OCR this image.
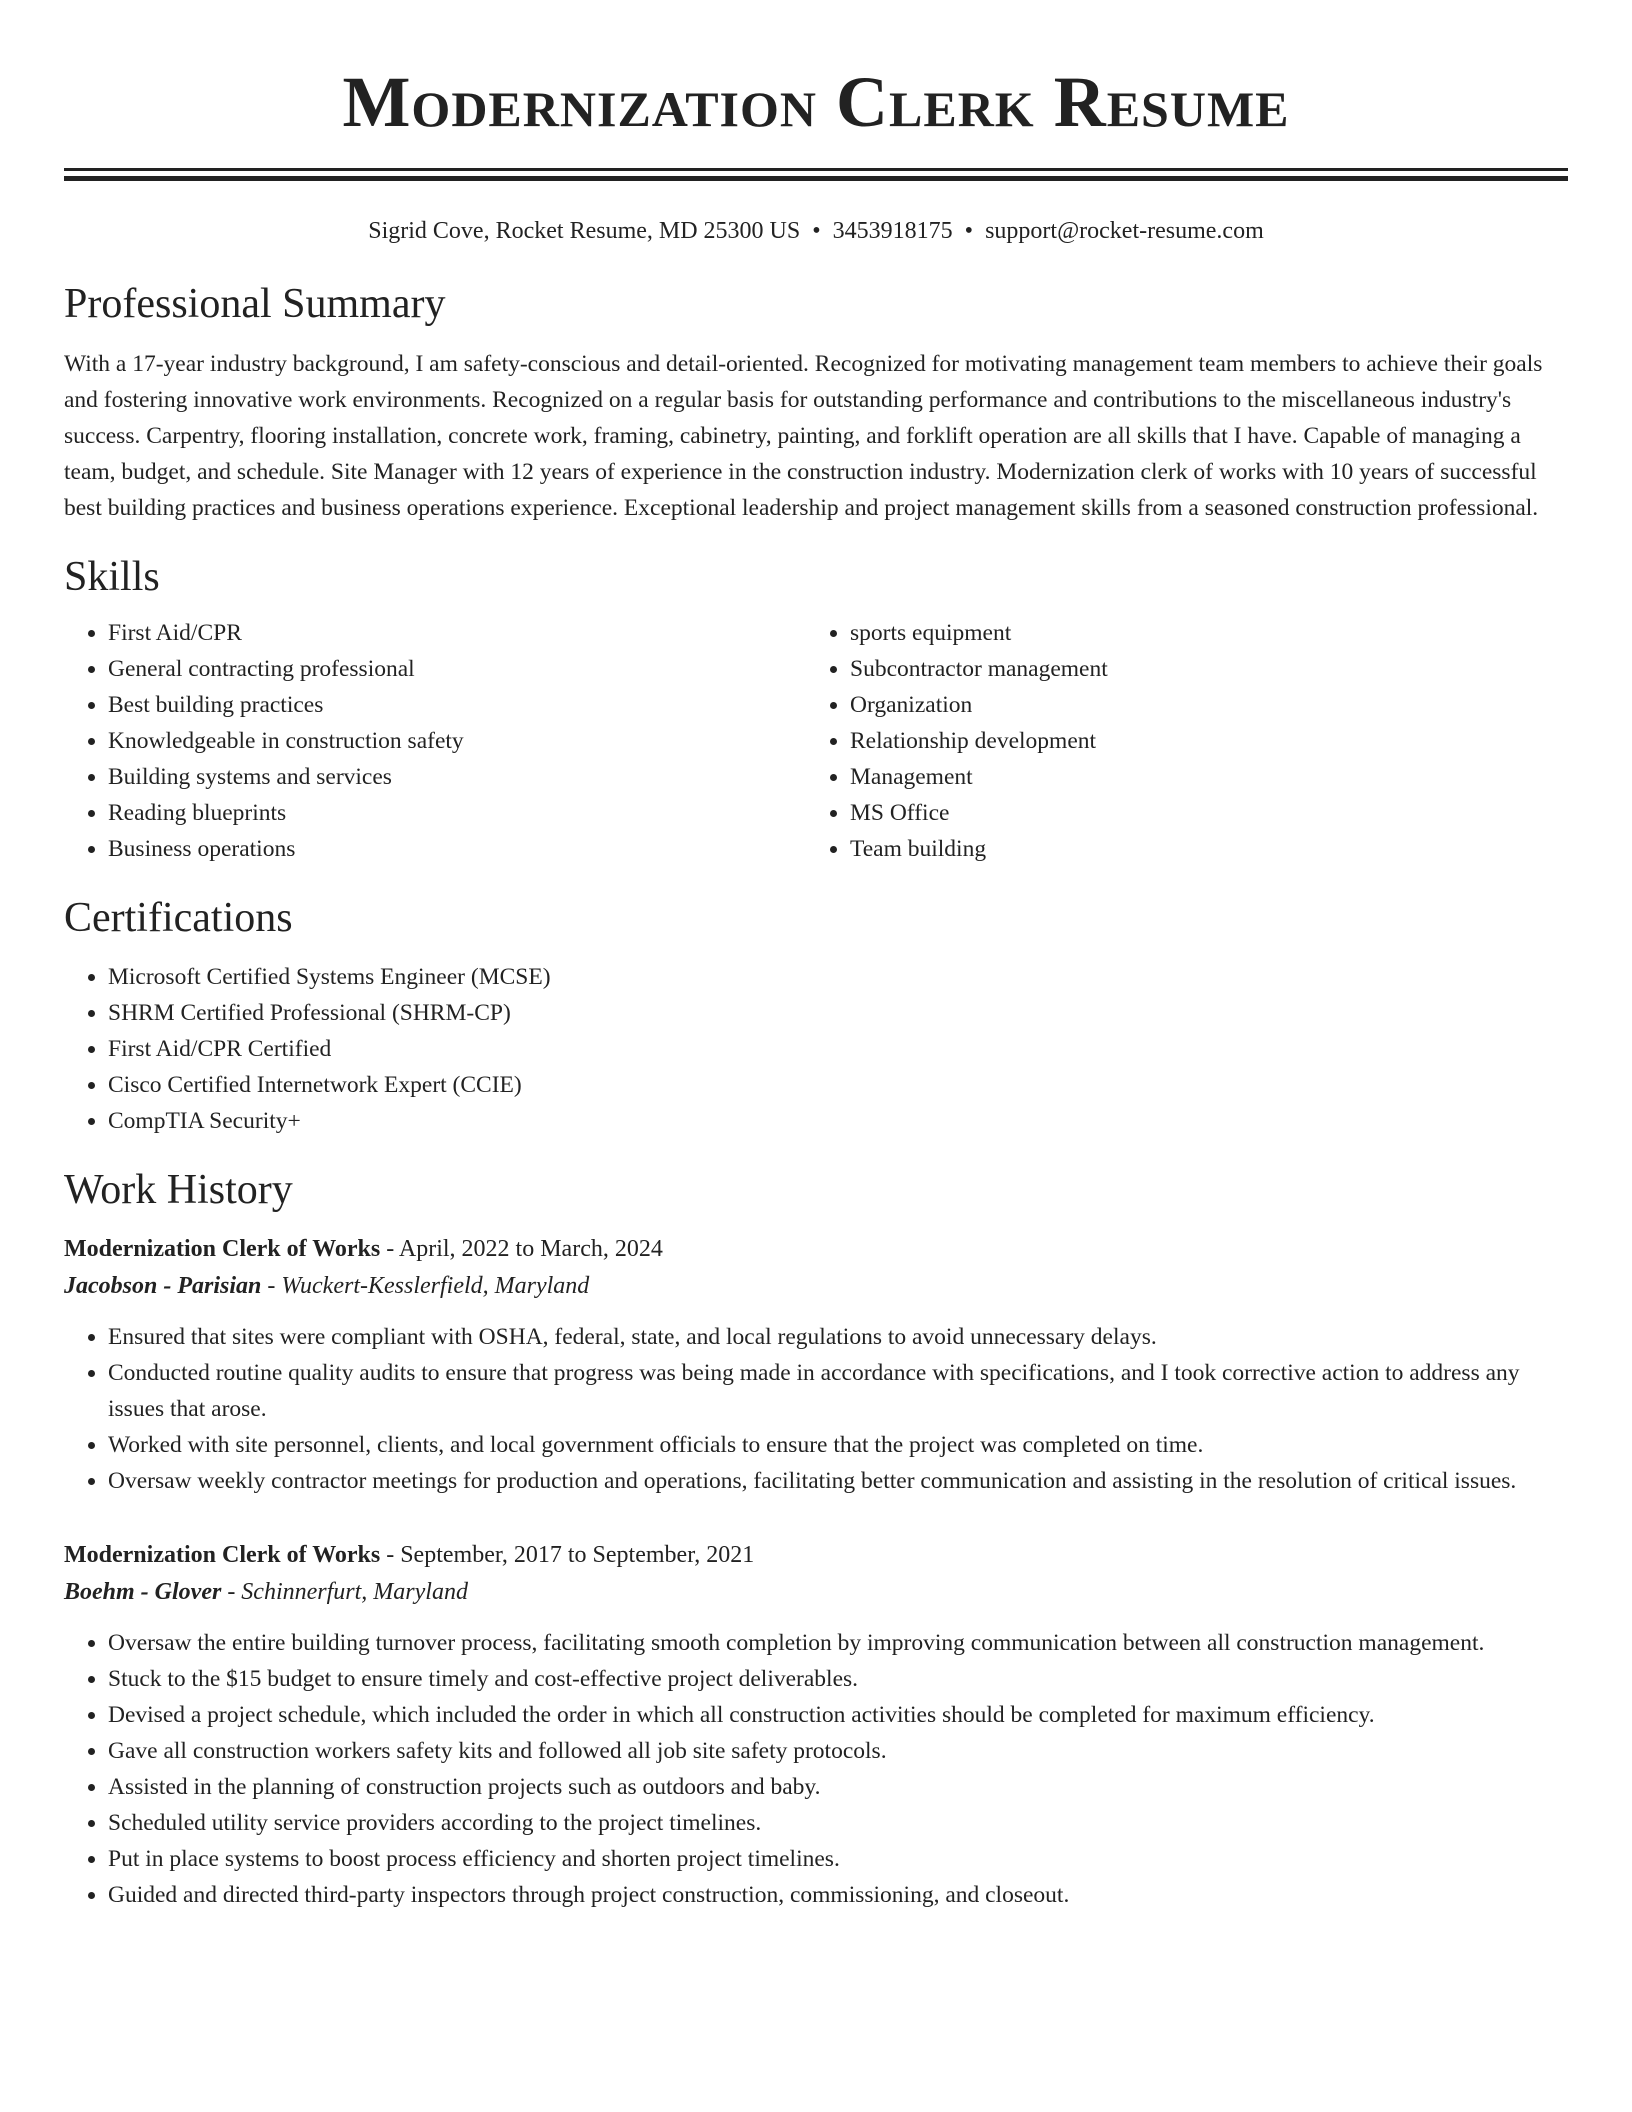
Modernization Clerk Resume
Sigrid Cove, Rocket Resume, MD 25300 US • 3453918175 • support@rocket-resume.com
Professional Summary

With a 17-year industry background, I am safety-conscious and detail-oriented. Recognized for motivating management team members to achieve their goals and fostering innovative work environments. Recognized on a regular basis for outstanding performance and contributions to the miscellaneous industry's success. Carpentry, flooring installation, concrete work, framing, cabinetry, painting, and forklift operation are all skills that I have. Capable of managing a team, budget, and schedule. Site Manager with 12 years of experience in the construction industry. Modernization clerk of works with 10 years of successful best building practices and business operations experience. Exceptional leadership and project management skills from a seasoned construction professional.

Skills
• First Aid/CPR
• General contracting professional
• Best building practices
• Knowledgeable in construction safety
• Building systems and services
• Reading blueprints
• Business operations
• sports equipment
• Subcontractor management
• Organization
• Relationship development
• Management
• MS Office
• Team building
Certifications
• Microsoft Certified Systems Engineer (MCSE)
• SHRM Certified Professional (SHRM-CP)
• First Aid/CPR Certified
• Cisco Certified Internetwork Expert (CCIE)
• CompTIA Security+
Work History
Modernization Clerk of Works - April, 2022 to March, 2024
Jacobson - Parisian - Wuckert-Kesslerfield, Maryland
• Ensured that sites were compliant with OSHA, federal, state, and local regulations to avoid unnecessary delays.
• Conducted routine quality audits to ensure that progress was being made in accordance with specifications, and I took corrective action to address any issues that arose.
• Worked with site personnel, clients, and local government officials to ensure that the project was completed on time.
• Oversaw weekly contractor meetings for production and operations, facilitating better communication and assisting in the resolution of critical issues.
Modernization Clerk of Works - September, 2017 to September, 2021
Boehm - Glover - Schinnerfurt, Maryland
• Oversaw the entire building turnover process, facilitating smooth completion by improving communication between all construction management.
• Stuck to the $15 budget to ensure timely and cost-effective project deliverables.
• Devised a project schedule, which included the order in which all construction activities should be completed for maximum efficiency.
• Gave all construction workers safety kits and followed all job site safety protocols.
• Assisted in the planning of construction projects such as outdoors and baby.
• Scheduled utility service providers according to the project timelines.
• Put in place systems to boost process efficiency and shorten project timelines.
• Guided and directed third-party inspectors through project construction, commissioning, and closeout.
